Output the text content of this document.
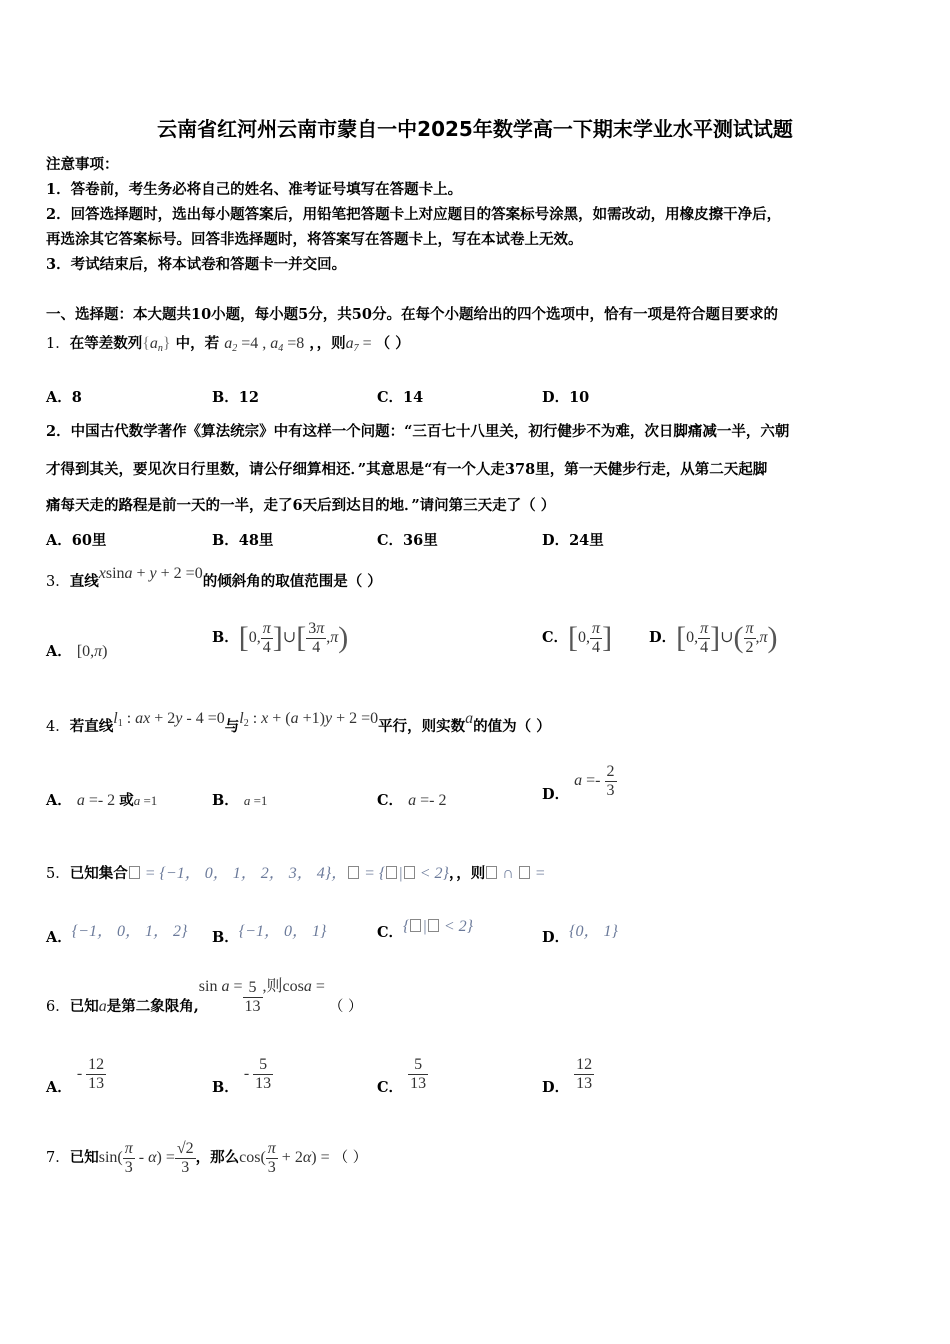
云南省红河州云南市蒙自一中2025年数学高一下期末学业水平测试试题
注意事项：
1．答卷前，考生务必将自己的姓名、准考证号填写在答题卡上。
2．回答选择题时，选出每小题答案后，用铅笔把答题卡上对应题目的答案标号涂黑，如需改动，用橡皮擦干净后，
再选涂其它答案标号。回答非选择题时，将答案写在答题卡上，写在本试卷上无效。
3．考试结束后，将本试卷和答题卡一并交回。
一、选择题：本大题共10小题，每小题5分，共50分。在每个小题给出的四个选项中，恰有一项是符合题目要求的
1．在等差数列$\{a_n\}$ 中，若 $a_2 =4$ , $a_4 =8$ ，，则$a_7$ = （ ）
A．8	B．12	C．14	D．10
2．中国古代数学著作《算法统宗》中有这样一个问题：“三百七十八里关，初行健步不为难，次日脚痛减一半，六朝
才得到其关，要见次日行里数，请公仔细算相还．”其意思是“有一个人走378里，第一天健步行走，从第二天起脚
痛每天走的路程是前一天的一半，走了6天后到达目的地．”请问第三天走了（ ）
A．60里	B．48里	C．36里	D．24里
3．直线xsina + y + 2 =0的倾斜角的取值范围是（ ）
A． [0,π)
B．[0, $\frac{\pi}{4}$ ]∪[ $\frac{3\pi}{4} ,\pi$)	C．[0, $\frac{\pi}{4}$ ]	D．[0, $\frac{\pi}{4}$ ]∪( $\frac{\pi}{2} ,\pi$)
4．若直线$l_1$ : ax + 2y - 4 =0与$l_2$ : x + (a +1)y + 2 =0平行，则实数a的值为（ ）
A． a =- 2 或a =1	B． a =1	C． a =- 2	D． $a =- \frac{2}{3}$
5．已知集合 = {−1， 0， 1， 2， 3， 4}， = { | < 2}，，则 ∩  =
A．{−1， 0， 1， 2} B．{−1， 0， 1}	C．{ | < 2}
D．{0， 1}
6．已知a是第二象限角,sin $a = \frac{5}{13}$ ,则cosa = （ ）
A． - $\frac{12}{13}$	B． - $\frac{5}{13}$	C． $\frac{5}{13}$	D． $\frac{12}{13}$
7．已知$\sin( \frac{\pi}{3} - \alpha) = \frac{√2}{3}$ ，那么$\cos( \frac{\pi}{3} + 2\alpha)$ = （ ）
